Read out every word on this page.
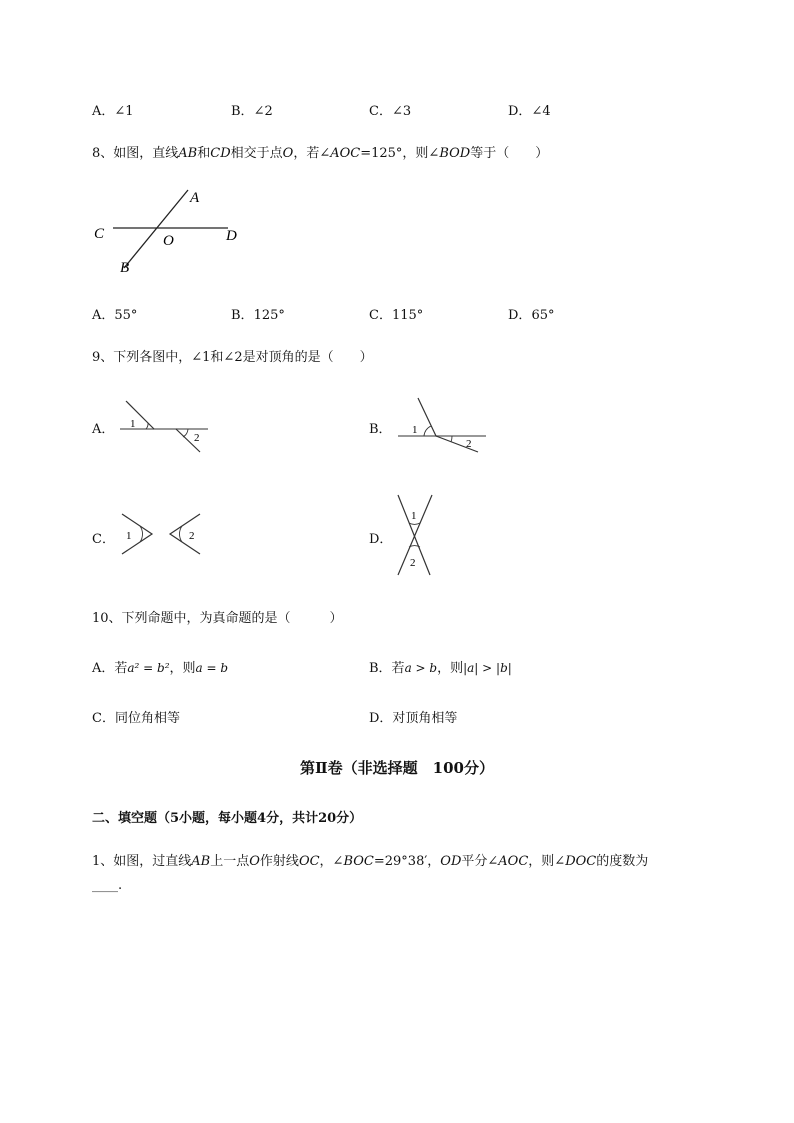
A．∠1	B．∠2	C．∠3	D．∠4
8、如图，直线AB和CD相交于点O，若∠AOC=125°，则∠BOD等于（　　）
A
B
C	D
O
A．55°	B．125°	C．115°	D．65°
9、下列各图中，∠1和∠2是对顶角的是（　　）
A． 1
2
B． 1
2
C． 1	2	D．
1
2
10、下列命题中，为真命题的是（　　　）
A．若a² = b²，则a = b	B．若a > b，则|a| > |b|
C．同位角相等	D．对顶角相等
第Ⅱ卷（非选择题　100分）
二、填空题（5小题，每小题4分，共计20分）
1、如图，过直线AB上一点O作射线OC，∠BOC=29°38′，OD平分∠AOC，则∠DOC的度数为
____.
